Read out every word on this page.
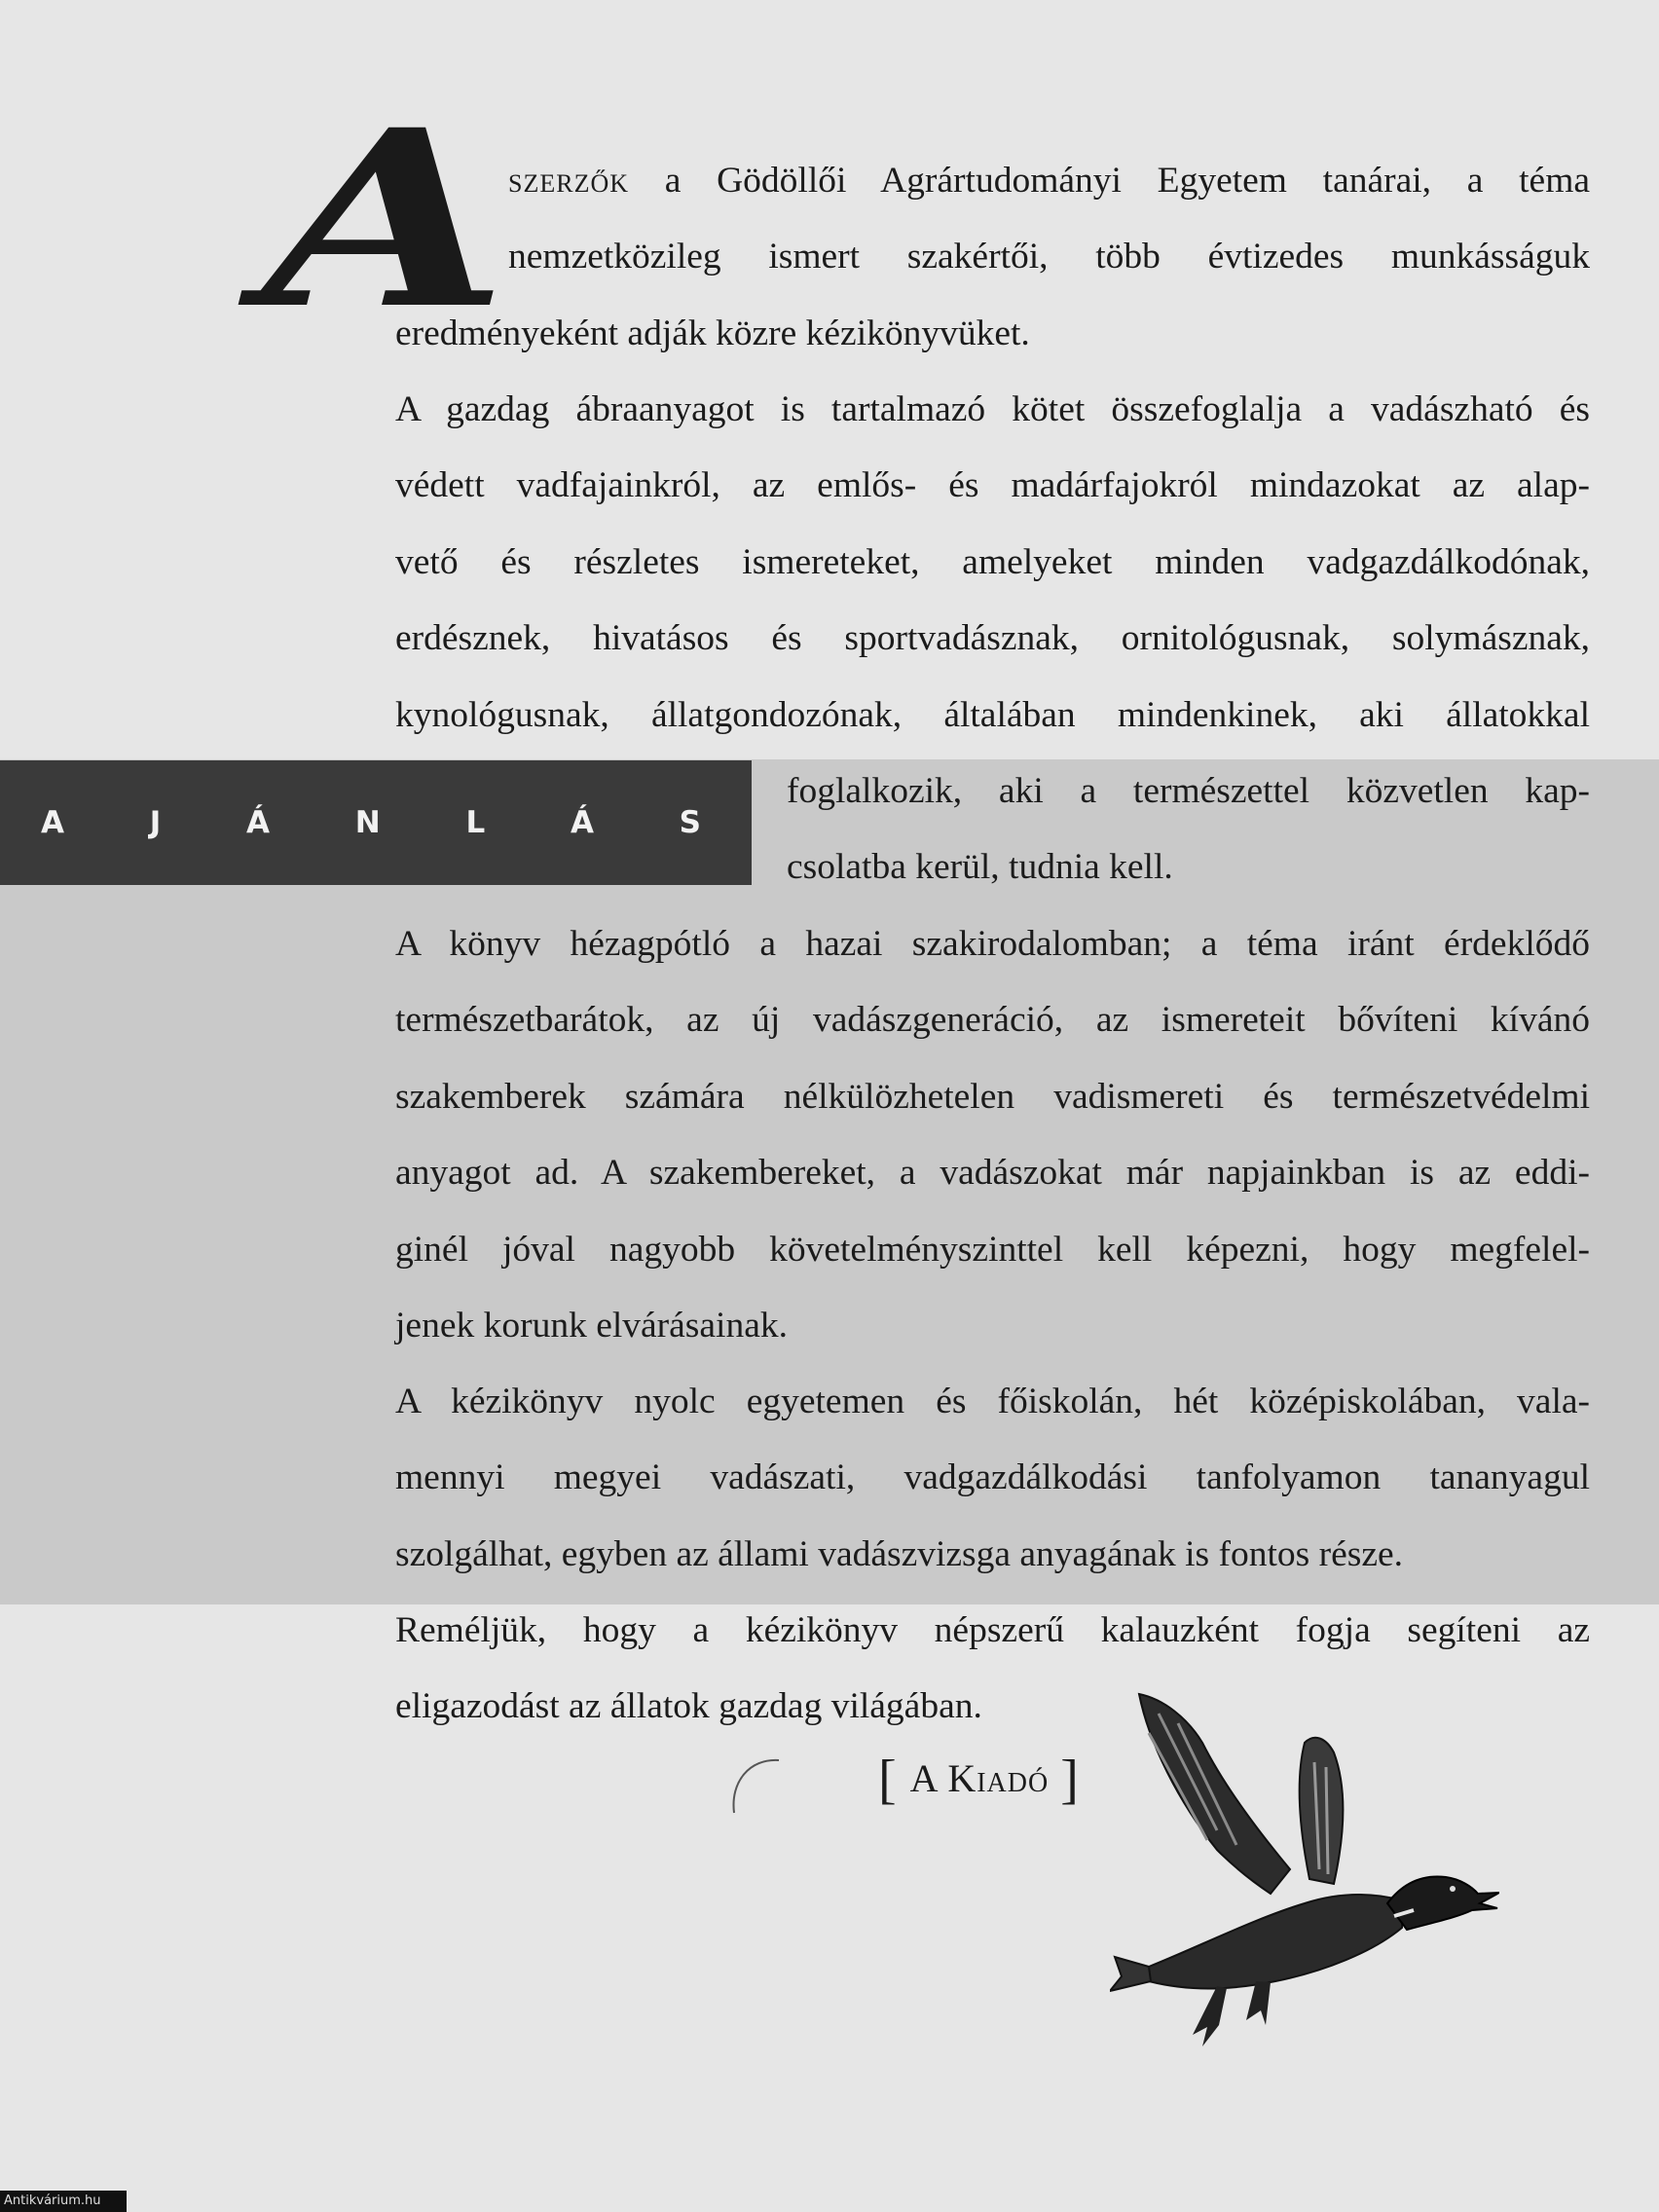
A	J	Á	N	L	Á	S
A szerzők a Gödöllői Agrártudományi Egyetem tanárai, a téma
nemzetközileg ismert szakértői, több évtizedes munkásságuk
eredményeként adják közre kézikönyvüket.
A gazdag ábraanyagot is tartalmazó kötet összefoglalja a vadászható és
védett vadfajainkról, az emlős- és madárfajokról mindazokat az alap-
vető és részletes ismereteket, amelyeket minden vadgazdálkodónak,
erdésznek, hivatásos és sportvadásznak, ornitológusnak, solymásznak,
kynológusnak, állatgondozónak, általában mindenkinek, aki állatokkal
foglalkozik, aki a természettel közvetlen kap-
csolatba kerül, tudnia kell.
A könyv hézagpótló a hazai szakirodalomban; a téma iránt érdeklődő
természetbarátok, az új vadászgeneráció, az ismereteit bővíteni kívánó
szakemberek számára nélkülözhetelen vadismereti és természetvédelmi
anyagot ad. A szakembereket, a vadászokat már napjainkban is az eddi-
ginél jóval nagyobb követelményszinttel kell képezni, hogy megfelel-
jenek korunk elvárásainak.
A kézikönyv nyolc egyetemen és főiskolán, hét középiskolában, vala-
mennyi megyei vadászati, vadgazdálkodási tanfolyamon tananyagul
szolgálhat, egyben az állami vadászvizsga anyagának is fontos része.
Reméljük, hogy a kézikönyv népszerű kalauzként fogja segíteni az
eligazodást az állatok gazdag világában.
[ A Kiadó ]
Antikvárium.hu
